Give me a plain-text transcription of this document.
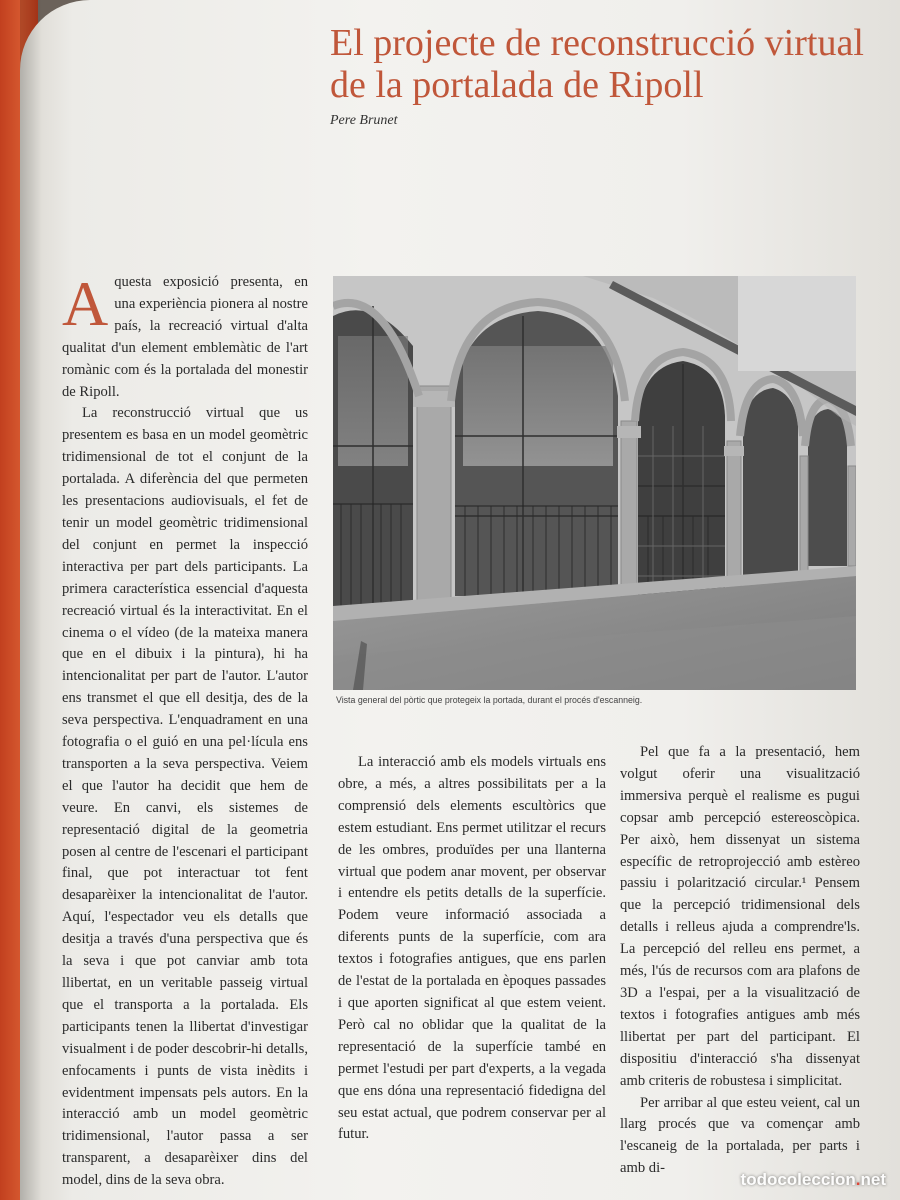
El projecte de reconstrucció virtual de la portalada de Ripoll
Pere Brunet

Aquesta exposició presenta, en una experiència pionera al nostre país, la recreació virtual d'alta qualitat d'un element emblemàtic de l'art romànic com és la portalada del monestir de Ripoll.

La reconstrucció virtual que us presentem es basa en un model geomètric tridimensional de tot el conjunt de la portalada. A diferència del que permeten les presentacions audiovisuals, el fet de tenir un model geomètric tridimensional del conjunt en permet la inspecció interactiva per part dels participants. La primera característica essencial d'aquesta recreació virtual és la interactivitat. En el cinema o el vídeo (de la mateixa manera que en el dibuix i la pintura), hi ha intencionalitat per part de l'autor. L'autor ens transmet el que ell desitja, des de la seva perspectiva. L'enquadrament en una fotografia o el guió en una pel·lícula ens transporten a la seva perspectiva. Veiem el que l'autor ha decidit que hem de veure. En canvi, els sistemes de representació digital de la geometria posen al centre de l'escenari el participant final, que pot interactuar tot fent desaparèixer la intencionalitat de l'autor. Aquí, l'espectador veu els detalls que desitja a través d'una perspectiva que és la seva i que pot canviar amb tota llibertat, en un veritable passeig virtual que el transporta a la portalada. Els participants tenen la llibertat d'investigar visualment i de poder descobrir-hi detalls, enfocaments i punts de vista inèdits i evidentment impensats pels autors. En la interacció amb un model geomètric tridimensional, l'autor passa a ser transparent, a desaparèixer dins del model, dins de la seva obra.

Vista general del pòrtic que protegeix la portada, durant el procés d'escanneig.

La interacció amb els models virtuals ens obre, a més, a altres possibilitats per a la comprensió dels elements escultòrics que estem estudiant. Ens permet utilitzar el recurs de les ombres, produïdes per una llanterna virtual que podem anar movent, per observar i entendre els petits detalls de la superfície. Podem veure informació associada a diferents punts de la superfície, com ara textos i fotografies antigues, que ens parlen de l'estat de la portalada en èpoques passades i que aporten significat al que estem veient. Però cal no oblidar que la qualitat de la representació de la superfície també en permet l'estudi per part d'experts, a la vegada que ens dóna una representació fidedigna del seu estat actual, que podrem conservar per al futur.

Pel que fa a la presentació, hem volgut oferir una visualització immersiva perquè el realisme es pugui copsar amb percepció estereoscòpica. Per això, hem dissenyat un sistema específic de retroprojecció amb estèreo passiu i polarització circular.¹ Pensem que la percepció tridimensional dels detalls i relleus ajuda a comprendre'ls. La percepció del relleu ens permet, a més, l'ús de recursos com ara plafons de 3D a l'espai, per a la visualització de textos i fotografies antigues amb més llibertat per part del participant. El dispositiu d'interacció s'ha dissenyat amb criteris de robustesa i simplicitat.

Per arribar al que esteu veient, cal un llarg procés que va començar amb l'escaneig de la portalada, per parts i amb di-

todocoleccion.net
